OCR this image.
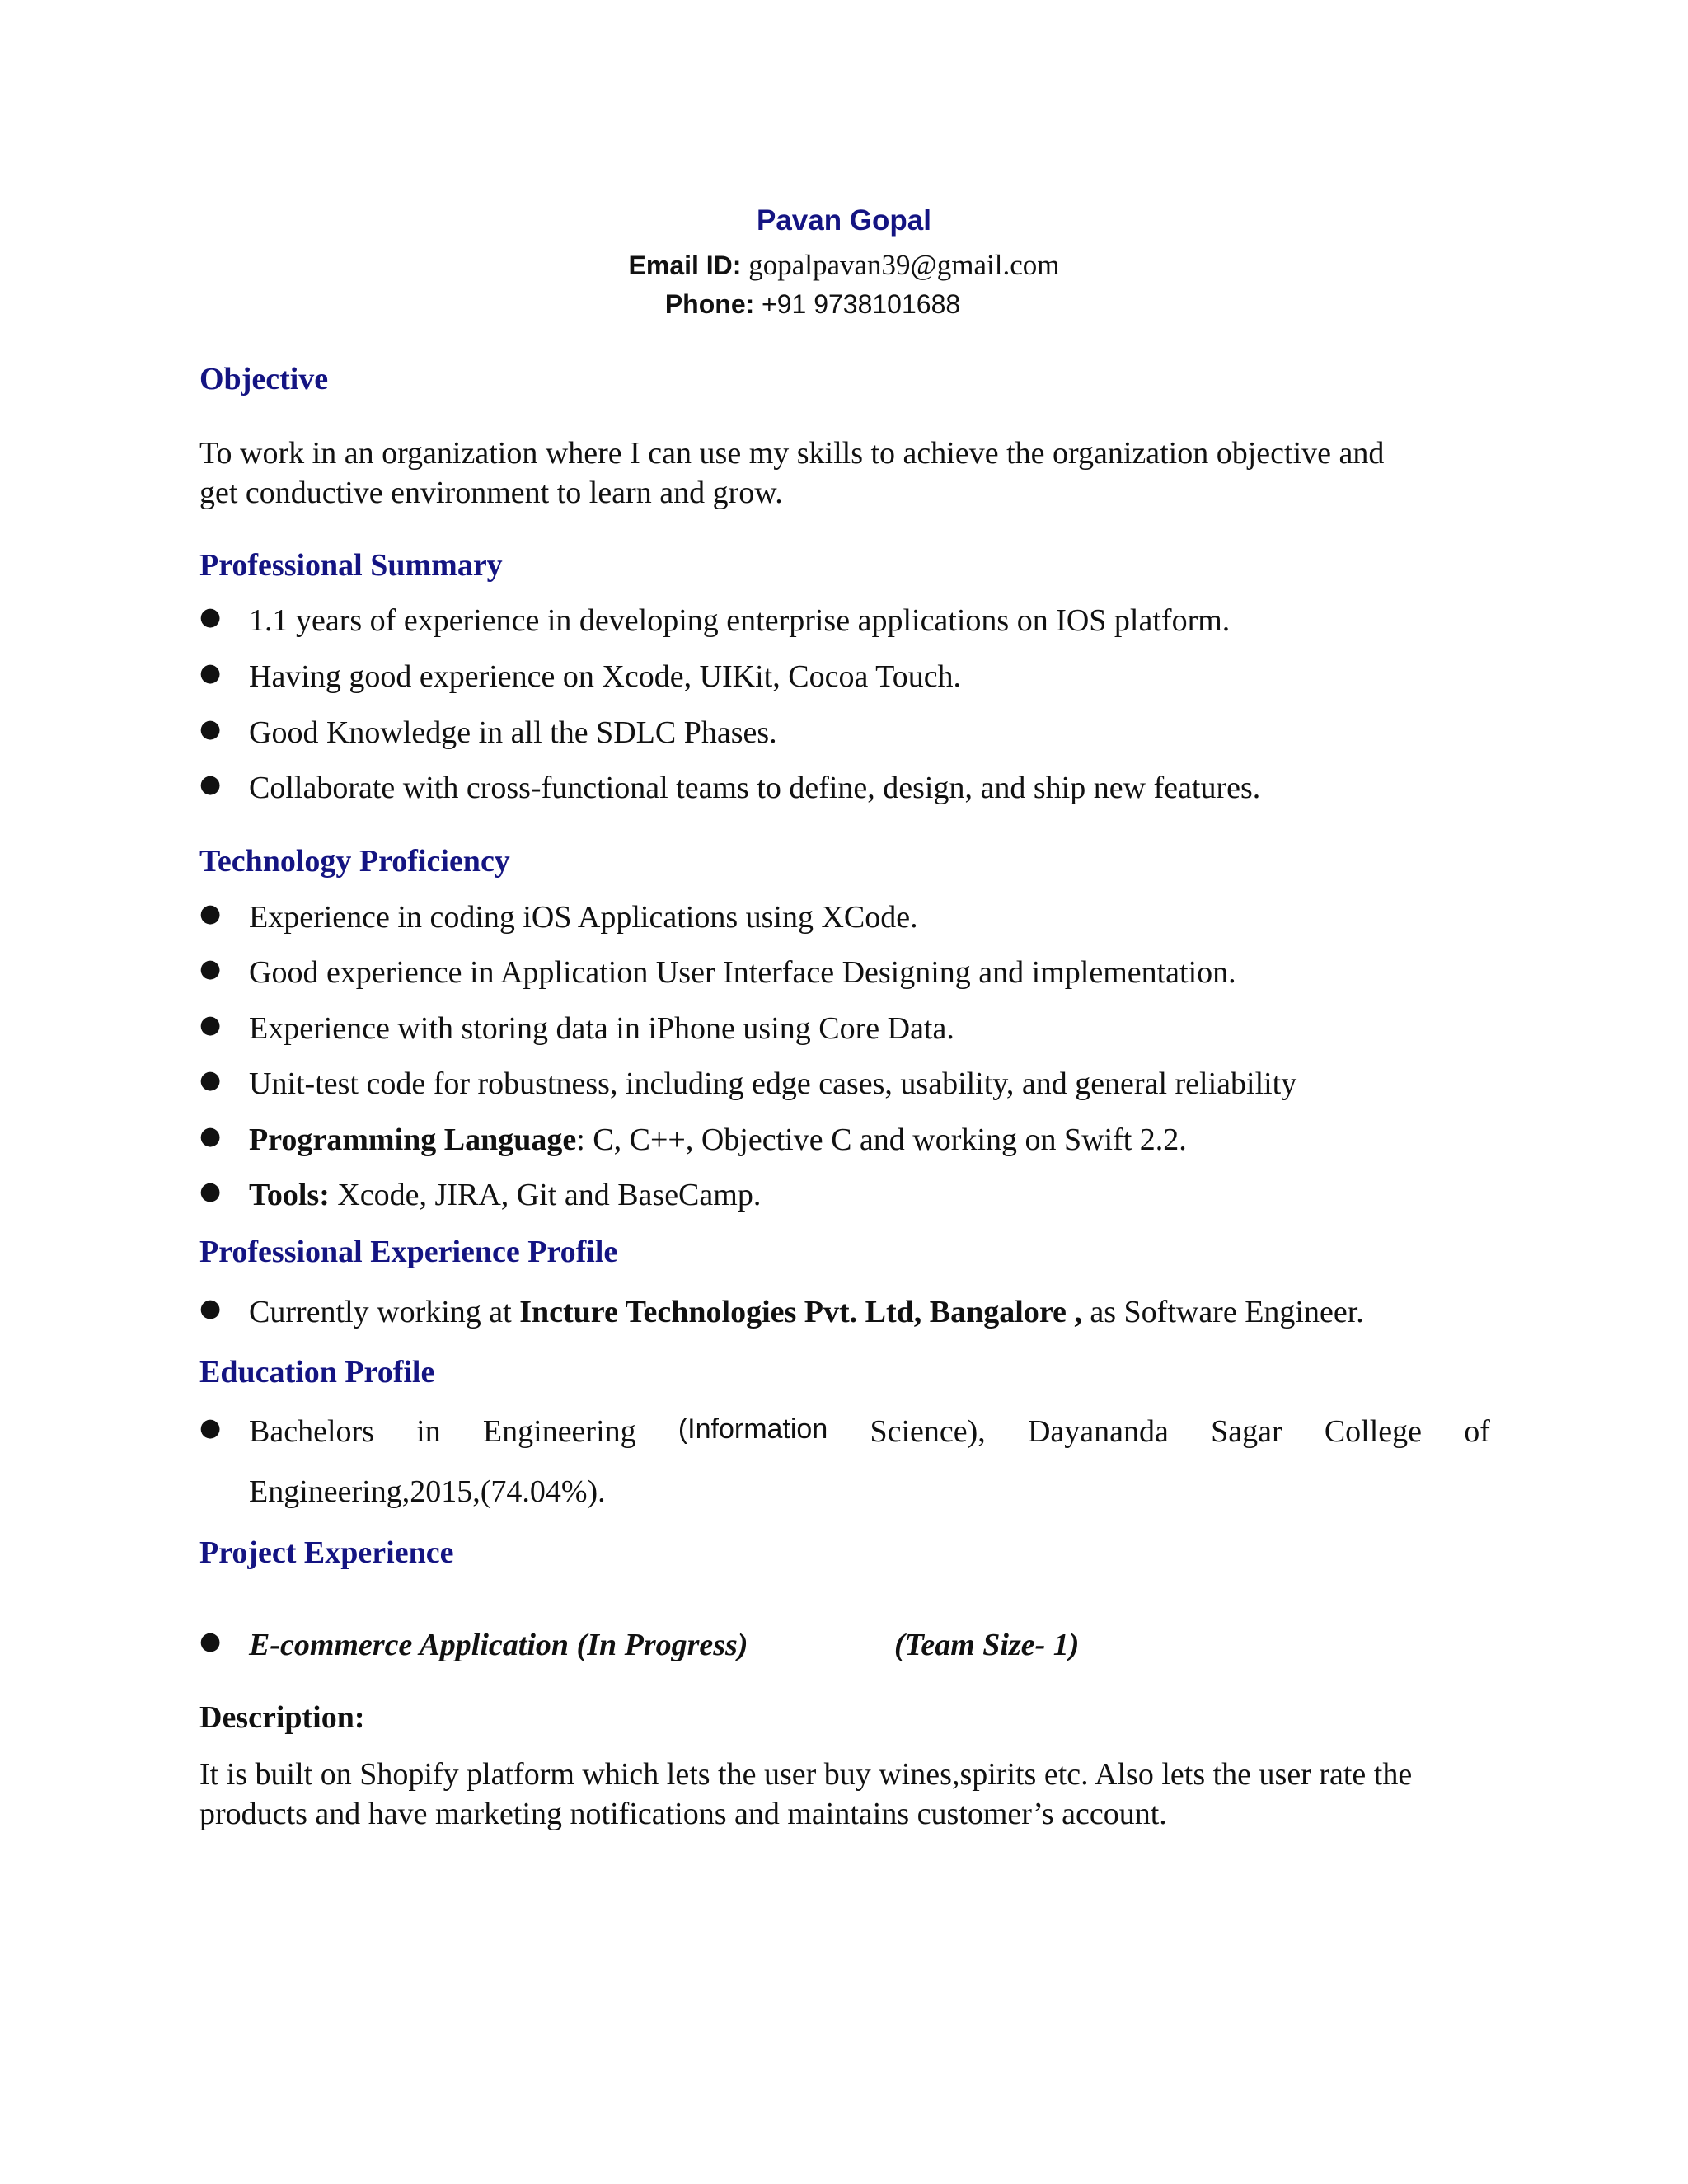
Pavan Gopal
Email ID: gopalpavan39@gmail.com
Phone: +91 9738101688
Objective
To work in an organization where I can use my skills to achieve the organization objective and
get conductive environment to learn and grow.
Professional Summary
● 1.1 years of experience in developing enterprise applications on IOS platform.
● Having good experience on Xcode, UIKit, Cocoa Touch.
● Good Knowledge in all the SDLC Phases.
● Collaborate with cross-functional teams to define, design, and ship new features.
Technology Proficiency
● Experience in coding iOS Applications using XCode.
● Good experience in Application User Interface Designing and implementation.
● Experience with storing data in iPhone using Core Data.
● Unit-test code for robustness, including edge cases, usability, and general reliability
● Programming Language: C, C++, Objective C and working on Swift 2.2.
● Tools: Xcode, JIRA, Git and BaseCamp.
Professional Experience Profile
● Currently working at Incture Technologies Pvt. Ltd, Bangalore , as Software Engineer.
Education Profile
● Bachelors in Engineering (Information Science), Dayananda Sagar College of
Engineering,2015,(74.04%).
Project Experience
● E-commerce Application (In Progress)	(Team Size- 1)
Description:
It is built on Shopify platform which lets the user buy wines,spirits etc. Also lets the user rate the
products and have marketing notifications and maintains customer’s account.
